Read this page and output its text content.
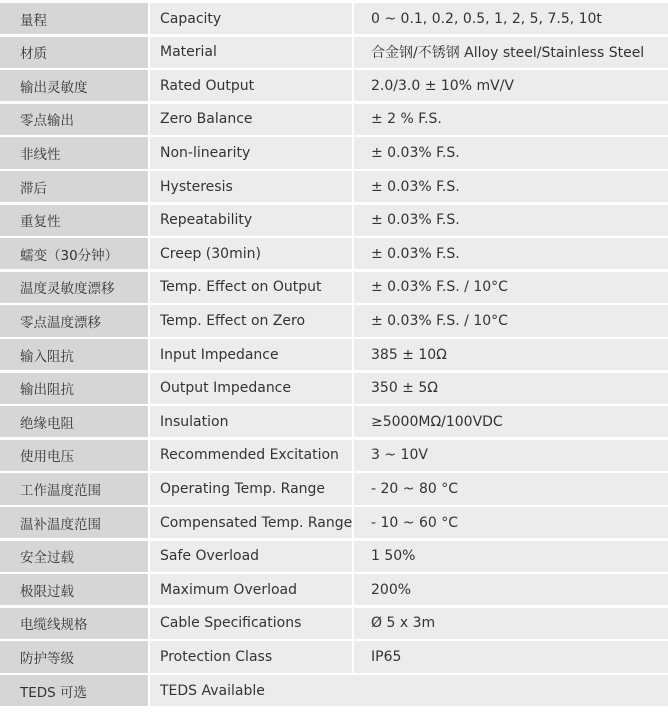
量程	Capacity	0 ~ 0.1, 0.2, 0.5, 1, 2, 5, 7.5, 10t
材质	Material	合金钢/不锈钢 Alloy steel/Stainless Steel
输出灵敏度	Rated Output	2.0/3.0 ± 10% mV/V
零点输出	Zero Balance	± 2 % F.S.
非线性	Non-linearity	± 0.03% F.S.
滞后	Hysteresis	± 0.03% F.S.
重复性	Repeatability	± 0.03% F.S.
蠕变（30分钟）	Creep (30min)	± 0.03% F.S.
温度灵敏度漂移	Temp. Effect on Output	± 0.03% F.S. / 10°C
零点温度漂移	Temp. Effect on Zero	± 0.03% F.S. / 10°C
输入阻抗	Input Impedance	385 ± 10Ω
输出阻抗	Output Impedance	350 ± 5Ω
绝缘电阻	Insulation	≥5000MΩ/100VDC
使用电压	Recommended Excitation	3 ~ 10V
工作温度范围	Operating Temp. Range	- 20 ~ 80 °C
温补温度范围	Compensated Temp. Range	- 10 ~ 60 °C
安全过载	Safe Overload	1 50%
极限过载	Maximum Overload	200%
电缆线规格	Cable Specifications	Ø 5 x 3m
防护等级	Protection Class	IP65
TEDS 可选	TEDS Available
